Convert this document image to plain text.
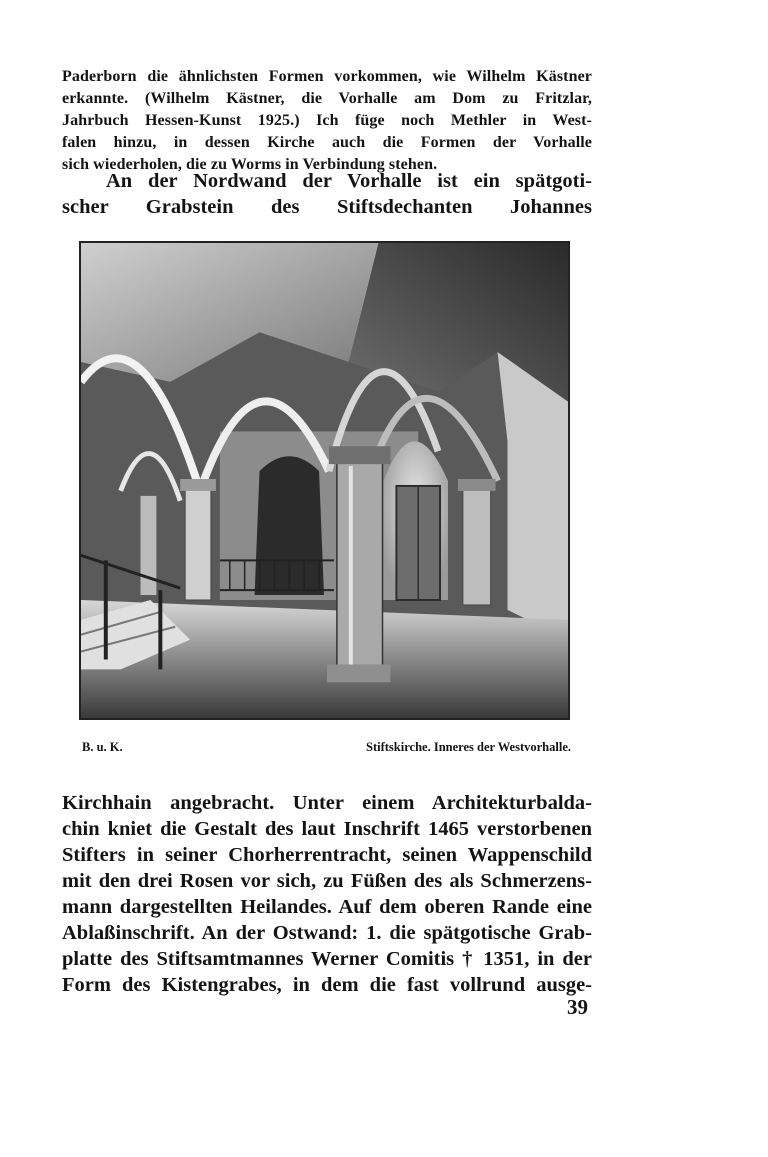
Paderborn die ähnlichsten Formen vorkommen, wie Wilhelm Kästner
erkannte. (Wilhelm Kästner, die Vorhalle am Dom zu Fritzlar,
Jahrbuch Hessen-Kunst 1925.) Ich füge noch Methler in West-
falen hinzu, in dessen Kirche auch die Formen der Vorhalle
sich wiederholen, die zu Worms in Verbindung stehen.
An der Nordwand der Vorhalle ist ein spätgoti-
scher Grabstein des Stiftsdechanten Johannes
B. u. K.	Stiftskirche. Inneres der Westvorhalle.
Kirchhain angebracht. Unter einem Architekturbalda-
chin kniet die Gestalt des laut Inschrift 1465 verstorbenen
Stifters in seiner Chorherrentracht, seinen Wappenschild
mit den drei Rosen vor sich, zu Füßen des als Schmerzens-
mann dargestellten Heilandes. Auf dem oberen Rande eine
Ablaßinschrift. An der Ostwand: 1. die spätgotische Grab-
platte des Stiftsamtmannes Werner Comitis † 1351, in der
Form des Kistengrabes, in dem die fast vollrund ausge-
39
